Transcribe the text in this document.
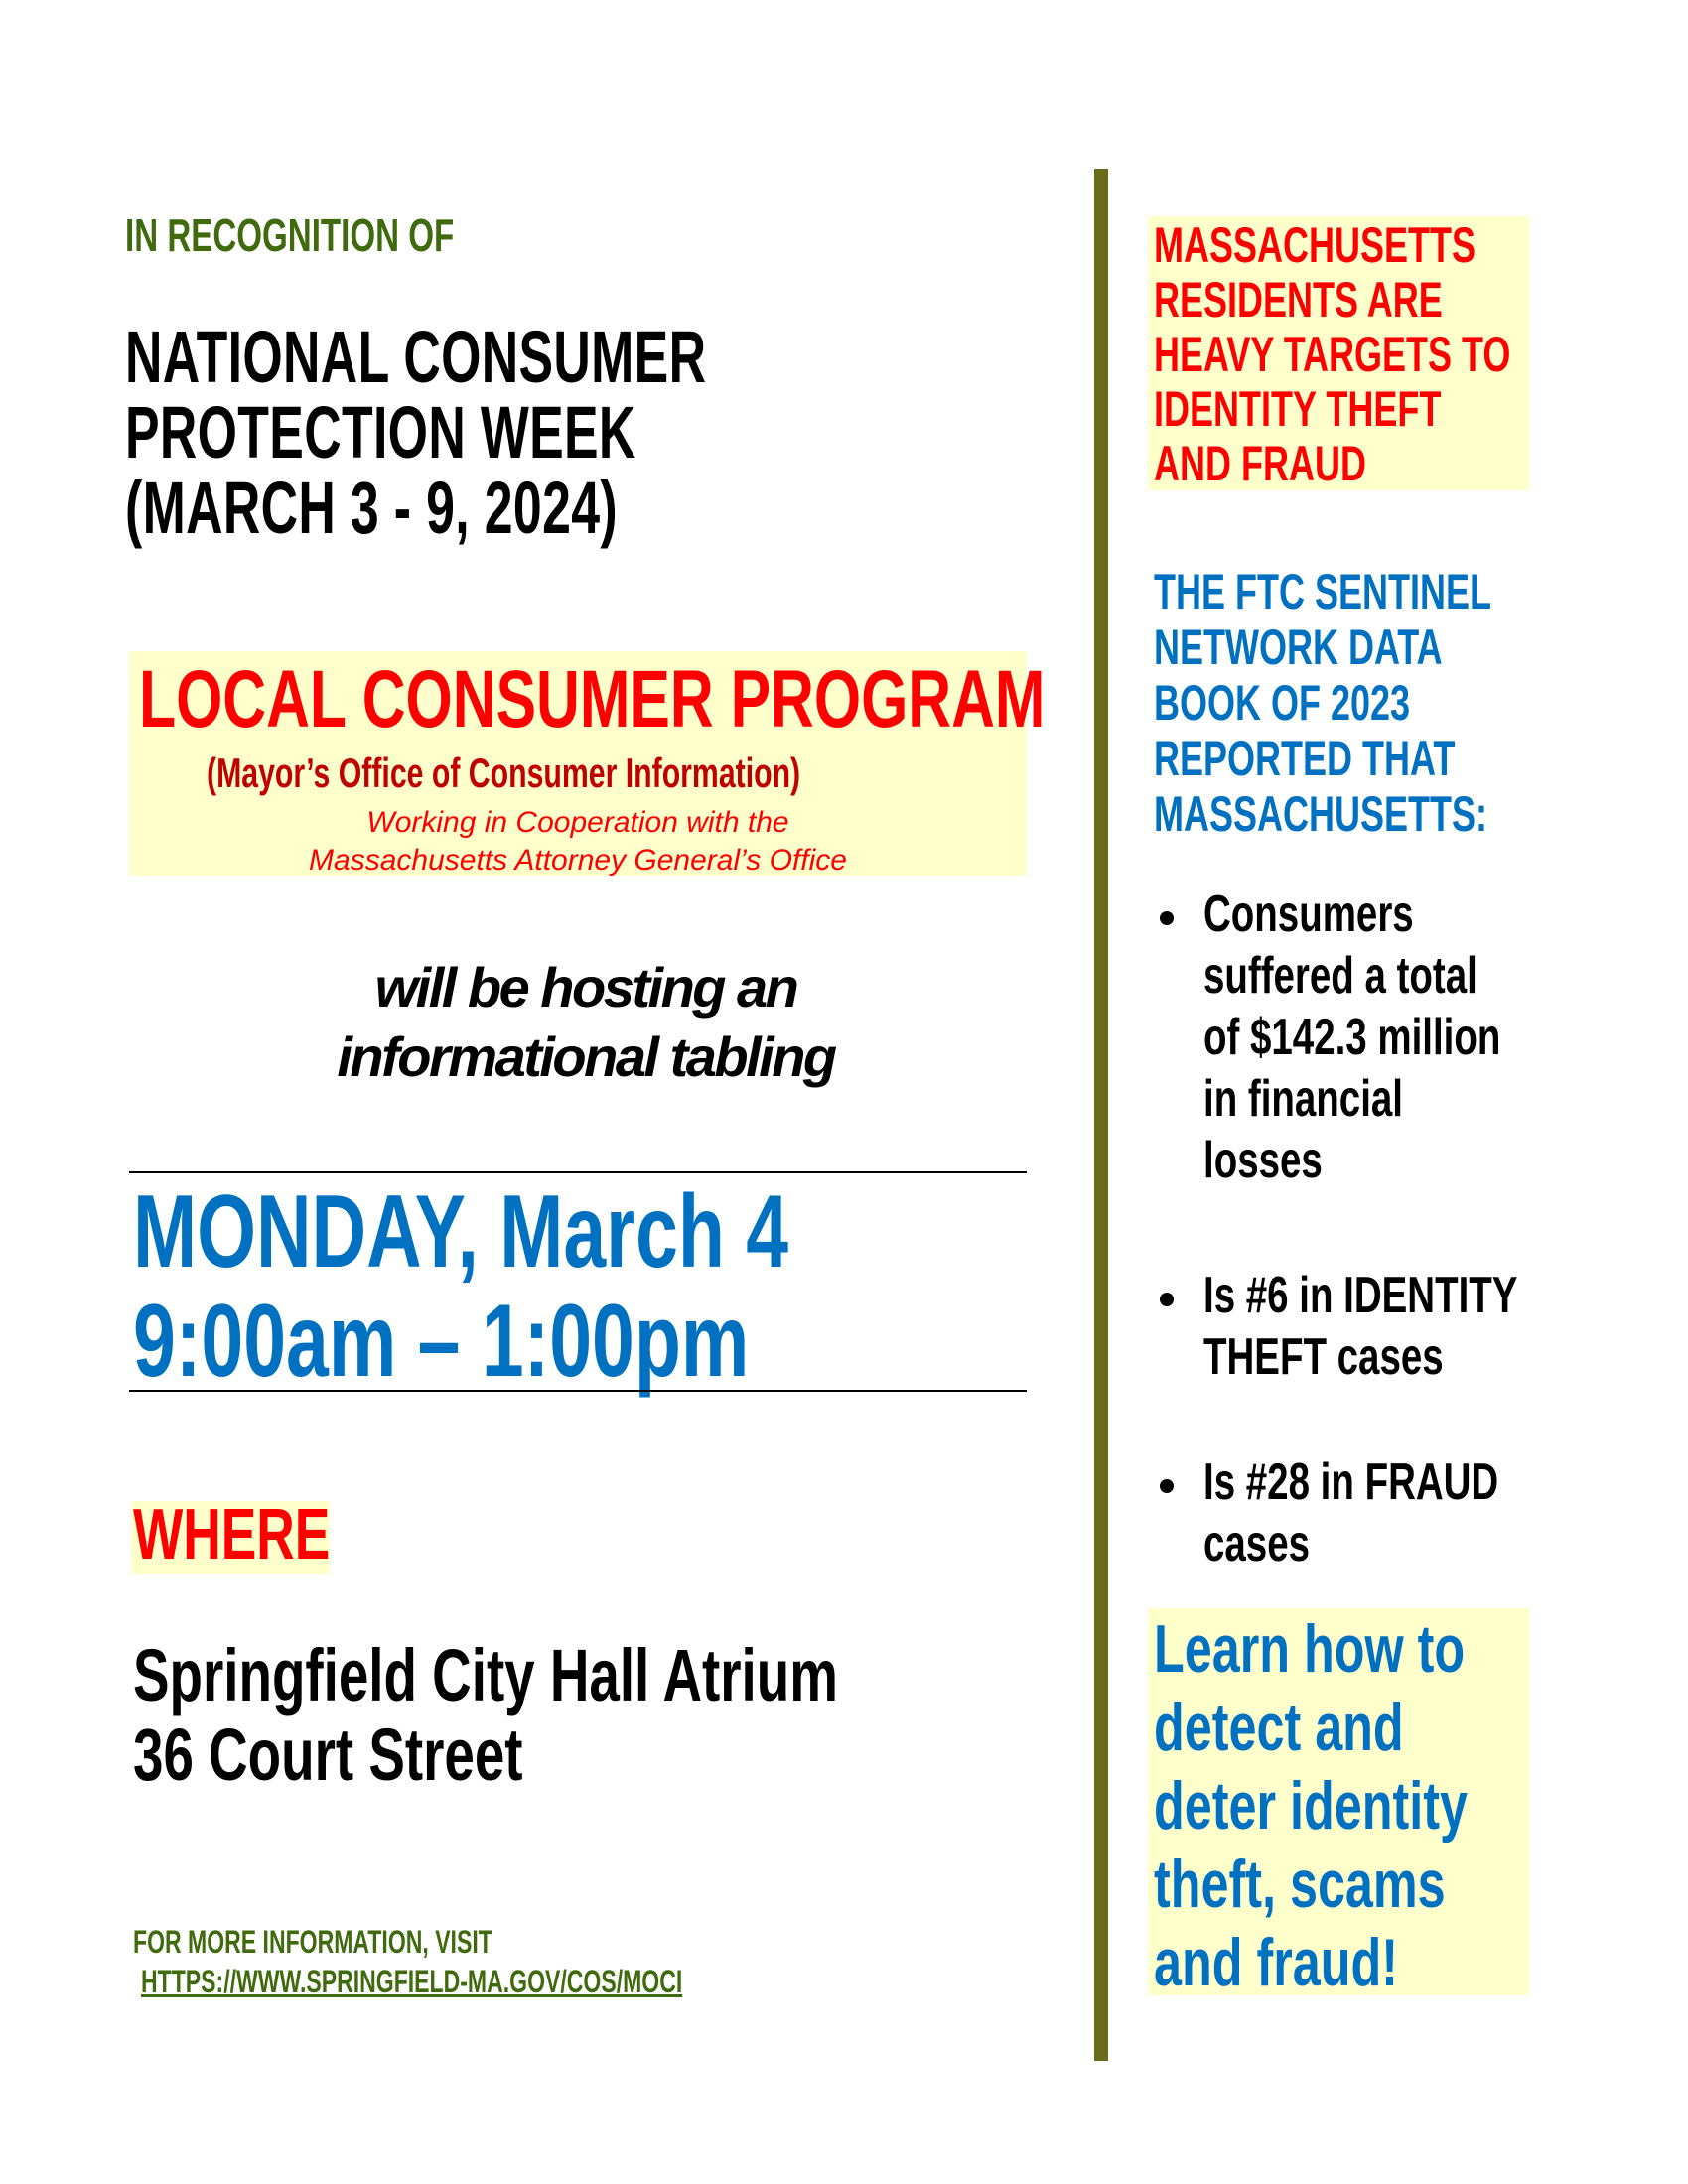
IN RECOGNITION OF
NATIONAL CONSUMER
PROTECTION WEEK
(MARCH 3 - 9, 2024)
LOCAL CONSUMER PROGRAM
(Mayor’s Office of Consumer Information)
Working in Cooperation with the
Massachusetts Attorney General’s Office
will be hosting an
informational tabling
MONDAY, March 4
9:00am – 1:00pm
WHERE
Springfield City Hall Atrium
36 Court Street
FOR MORE INFORMATION, VISIT
HTTPS://WWW.SPRINGFIELD-MA.GOV/COS/MOCI
MASSACHUSETTS
RESIDENTS ARE
HEAVY TARGETS TO
IDENTITY THEFT
AND FRAUD
THE FTC SENTINEL
NETWORK DATA
BOOK OF 2023
REPORTED THAT
MASSACHUSETTS:
Consumers
suffered a total
of $142.3 million
in financial
losses
Is #6 in IDENTITY
THEFT cases
Is #28 in FRAUD
cases
Learn how to
detect and
deter identity
theft, scams
and fraud!
